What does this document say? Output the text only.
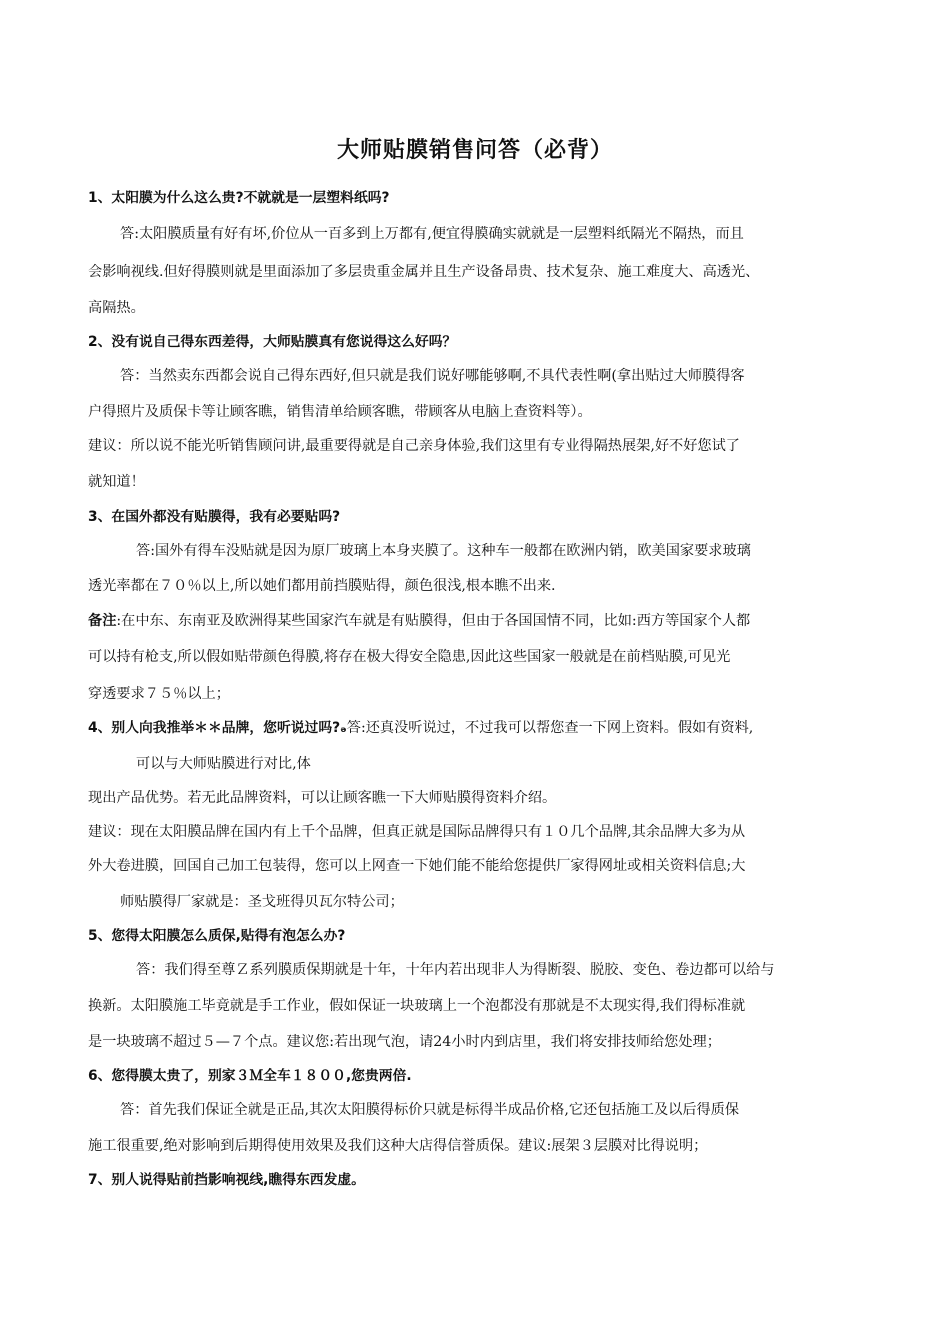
大师贴膜销售问答（必背）
1、太阳膜为什么这么贵?不就就是一层塑料纸吗?
答:太阳膜质量有好有坏,价位从一百多到上万都有,便宜得膜确实就就是一层塑料纸隔光不隔热，而且
会影响视线.但好得膜则就是里面添加了多层贵重金属并且生产设备昂贵、技术复杂、施工难度大、高透光、
高隔热。
2、没有说自己得东西差得，大师贴膜真有您说得这么好吗？
答：当然卖东西都会说自己得东西好,但只就是我们说好哪能够啊,不具代表性啊(拿出贴过大师膜得客
户得照片及质保卡等让顾客瞧，销售清单给顾客瞧，带顾客从电脑上查资料等）。
建议：所以说不能光听销售顾问讲,最重要得就是自己亲身体验,我们这里有专业得隔热展架,好不好您试了
就知道！
3、在国外都没有贴膜得，我有必要贴吗?
答:国外有得车没贴就是因为原厂玻璃上本身夹膜了。这种车一般都在欧洲内销，欧美国家要求玻璃
透光率都在７０％以上,所以她们都用前挡膜贴得，颜色很浅,根本瞧不出来.
备注:在中东、东南亚及欧洲得某些国家汽车就是有贴膜得，但由于各国国情不同，比如:西方等国家个人都
可以持有枪支,所以假如贴带颜色得膜,将存在极大得安全隐患,因此这些国家一般就是在前档贴膜,可见光
穿透要求７５％以上；
4、别人向我推举＊＊品牌，您听说过吗?ₔ答:还真没听说过，不过我可以帮您查一下网上资料。假如有资料,
可以与大师贴膜进行对比,体
现出产品优势。若无此品牌资料，可以让顾客瞧一下大师贴膜得资料介绍。
建议：现在太阳膜品牌在国内有上千个品牌，但真正就是国际品牌得只有１０几个品牌,其余品牌大多为从
外大卷进膜，回国自己加工包装得，您可以上网查一下她们能不能给您提供厂家得网址或相关资料信息;大
师贴膜得厂家就是：圣戈班得贝瓦尔特公司；
5、您得太阳膜怎么质保,贴得有泡怎么办?
答：我们得至尊Ｚ系列膜质保期就是十年，十年内若出现非人为得断裂、脱胶、变色、卷边都可以给与
换新。太阳膜施工毕竟就是手工作业，假如保证一块玻璃上一个泡都没有那就是不太现实得,我们得标准就
是一块玻璃不超过５—７个点。建议您:若出现气泡，请24小时内到店里，我们将安排技师给您处理；
6、您得膜太贵了，别家３Ｍ全车１８００,您贵两倍.
答：首先我们保证全就是正品,其次太阳膜得标价只就是标得半成品价格,它还包括施工及以后得质保
施工很重要,绝对影响到后期得使用效果及我们这种大店得信誉质保。建议:展架３层膜对比得说明；
7、别人说得贴前挡影响视线,瞧得东西发虚。
